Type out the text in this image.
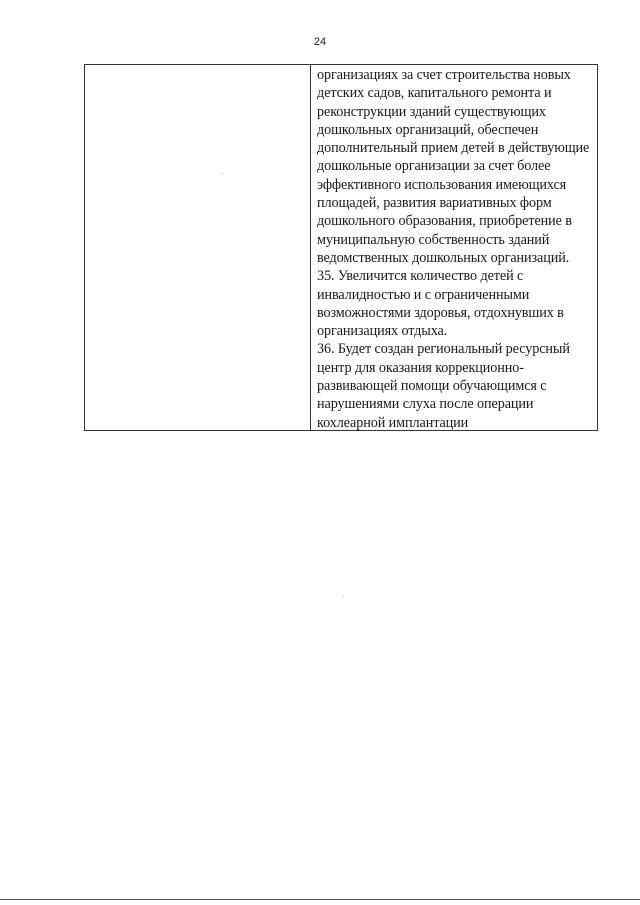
24

организациях за счет строительства новых детских садов, капитального ремонта и реконструкции зданий существующих дошкольных организаций, обеспечен дополнительный прием детей в действующие дошкольные организации за счет более эффективного использования имеющихся площадей, развития вариативных форм дошкольного образования, приобретение в муниципальную собственность зданий ведомственных дошкольных организаций.

35. Увеличится количество детей с инвалидностью и с ограниченными возможностями здоровья, отдохнувших в организациях отдыха.

36. Будет создан региональный ресурсный центр для оказания коррекционно-развивающей помощи обучающимся с нарушениями слуха после операции кохлеарной имплантации
